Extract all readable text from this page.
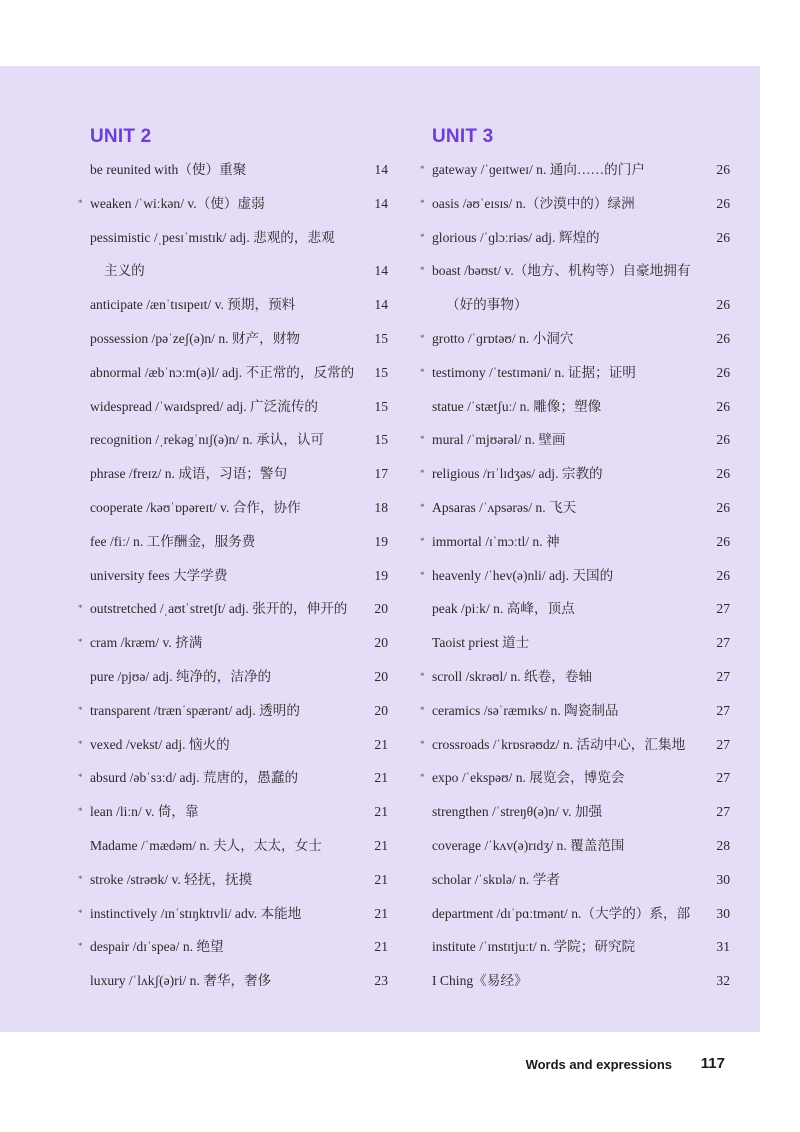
UNIT 2
be reunited with（使）重聚	14
* weaken /ˈwiːkən/ v.（使）虚弱	14
pessimistic /ˌpesɪˈmɪstɪk/ adj. 悲观的，悲观
主义的	14
anticipate /ænˈtɪsɪpeɪt/ v. 预期，预料	14
possession /pəˈzeʃ(ə)n/ n. 财产，财物	15
abnormal /æbˈnɔːm(ə)l/ adj. 不正常的，反常的	15
widespread /ˈwaɪdspred/ adj. 广泛流传的	15
recognition /ˌrekəgˈnɪʃ(ə)n/ n. 承认，认可	15
phrase /freɪz/ n. 成语，习语；警句	17
cooperate /kəʊˈɒpəreɪt/ v. 合作，协作	18
fee /fiː/ n. 工作酬金，服务费	19
university fees 大学学费	19
* outstretched /ˌaʊtˈstretʃt/ adj. 张开的，伸开的	20
* cram /kræm/ v. 挤满	20
pure /pjʊə/ adj. 纯净的，洁净的	20
* transparent /trænˈspærənt/ adj. 透明的	20
* vexed /vekst/ adj. 恼火的	21
* absurd /əbˈsɜːd/ adj. 荒唐的，愚蠢的	21
* lean /liːn/ v. 倚，靠	21
Madame /ˈmædəm/ n. 夫人，太太，女士	21
* stroke /strəʊk/ v. 轻抚，抚摸	21
* instinctively /ɪnˈstɪŋktɪvli/ adv. 本能地	21
* despair /dɪˈspeə/ n. 绝望	21
luxury /ˈlʌkʃ(ə)ri/ n. 奢华，奢侈	23
UNIT 3
* gateway /ˈɡeɪtweɪ/ n. 通向……的门户	26
* oasis /əʊˈeɪsɪs/ n.（沙漠中的）绿洲	26
* glorious /ˈɡlɔːriəs/ adj. 辉煌的	26
* boast /bəʊst/ v.（地方、机构等）自豪地拥有
（好的事物）	26
* grotto /ˈɡrɒtəʊ/ n. 小洞穴	26
* testimony /ˈtestɪməni/ n. 证据；证明	26
statue /ˈstætʃuː/ n. 雕像；塑像	26
* mural /ˈmjʊərəl/ n. 壁画	26
* religious /rɪˈlɪdʒəs/ adj. 宗教的	26
* Apsaras /ˈʌpsərəs/ n. 飞天	26
* immortal /ɪˈmɔːtl/ n. 神	26
* heavenly /ˈhev(ə)nli/ adj. 天国的	26
peak /piːk/ n. 高峰，顶点	27
Taoist priest 道士	27
* scroll /skrəʊl/ n. 纸卷，卷轴	27
* ceramics /səˈræmɪks/ n. 陶瓷制品	27
* crossroads /ˈkrɒsrəʊdz/ n. 活动中心，汇集地	27
* expo /ˈekspəʊ/ n. 展览会，博览会	27
strengthen /ˈstreŋθ(ə)n/ v. 加强	27
coverage /ˈkʌv(ə)rɪdʒ/ n. 覆盖范围	28
scholar /ˈskɒlə/ n. 学者	30
department /dɪˈpɑːtmənt/ n.（大学的）系，部	30
institute /ˈɪnstɪtjuːt/ n. 学院；研究院	31
I Ching《易经》	32
Words and expressions 117
